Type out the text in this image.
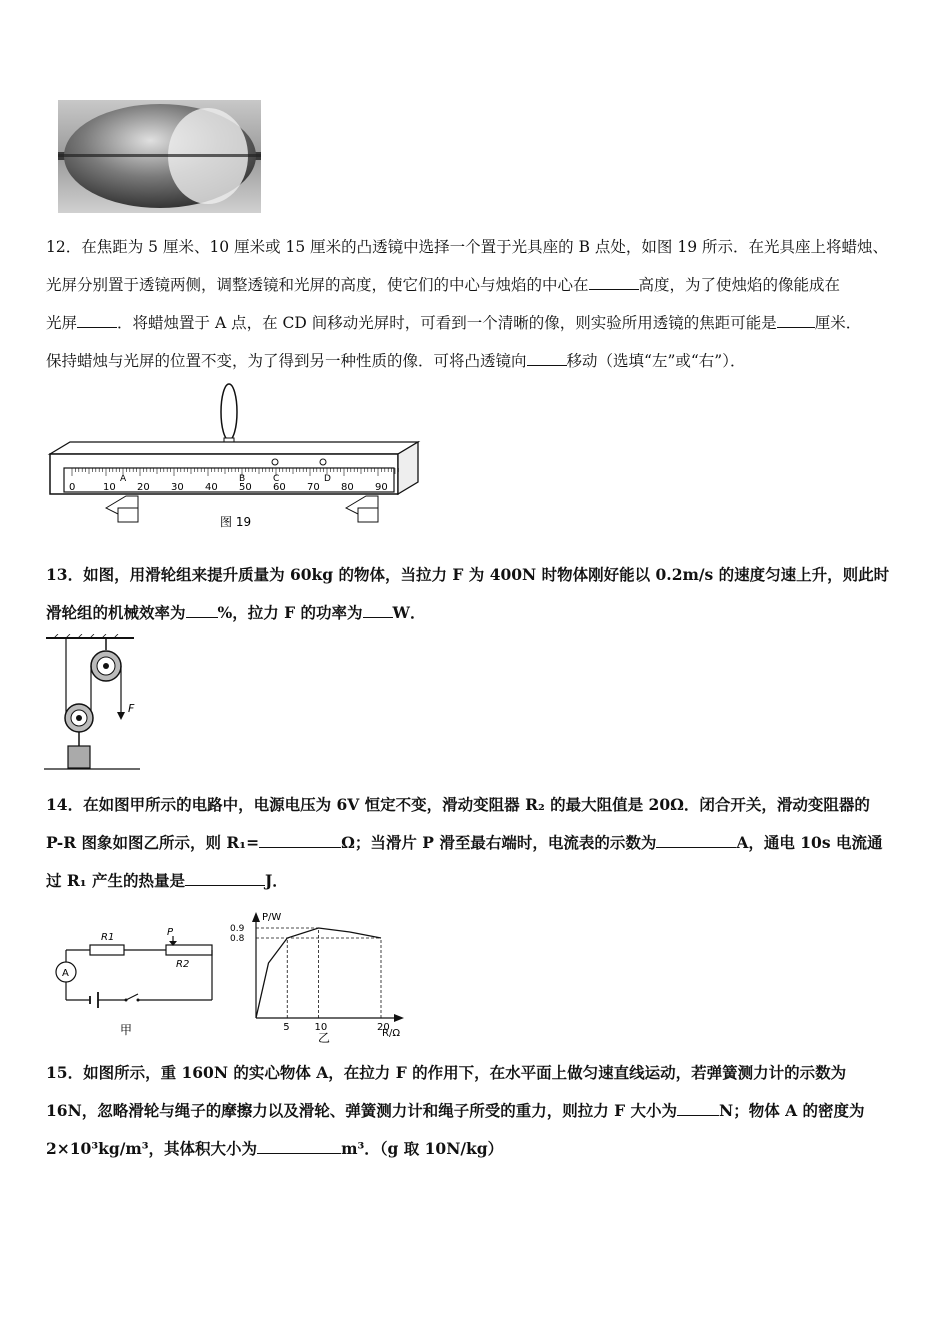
12．在焦距为 5 厘米、10 厘米或 15 厘米的凸透镜中选择一个置于光具座的 B 点处，如图 19 所示．在光具座上将蜡烛、
光屏分别置于透镜两侧，调整透镜和光屏的高度，使它们的中心与烛焰的中心在	高度，为了使烛焰的像能成在
光屏	．将蜡烛置于 A 点，在 CD 间移动光屏时，可看到一个清晰的像，则实验所用透镜的焦距可能是 厘米．
保持蜡烛与光屏的位置不变，为了得到另一种性质的像．可将凸透镜向	移动（选填“左”或“右”）．
0	10 20 30 40 50 60 70 80 90
A	B	C	D
图 19
13．如图，用滑轮组来提升质量为 60kg 的物体，当拉力 F 为 400N 时物体刚好能以 0.2m/s 的速度匀速上升，则此时
滑轮组的机械效率为 %，拉力 F 的功率为 W．
F
14．在如图甲所示的电路中，电源电压为 6V 恒定不变，滑动变阻器 R₂ 的最大阻值是 20Ω．闭合开关，滑动变阻器的
P-R 图象如图乙所示，则 R₁=	Ω；当滑片 P 滑至最右端时，电流表的示数为	A，通电 10s 电流通
过 R₁ 产生的热量是	J．
A
R1	P
R2
甲
P/W
R/Ω
0.9
0.8
5 10	20
乙
15．如图所示，重 160N 的实心物体 A，在拉力 F 的作用下，在水平面上做匀速直线运动，若弹簧测力计的示数为
16N，忽略滑轮与绳子的摩擦力以及滑轮、弹簧测力计和绳子所受的重力，则拉力 F 大小为	N；物体 A 的密度为
2×10³kg/m³，其体积大小为	m³．（g 取 10N/kg）
